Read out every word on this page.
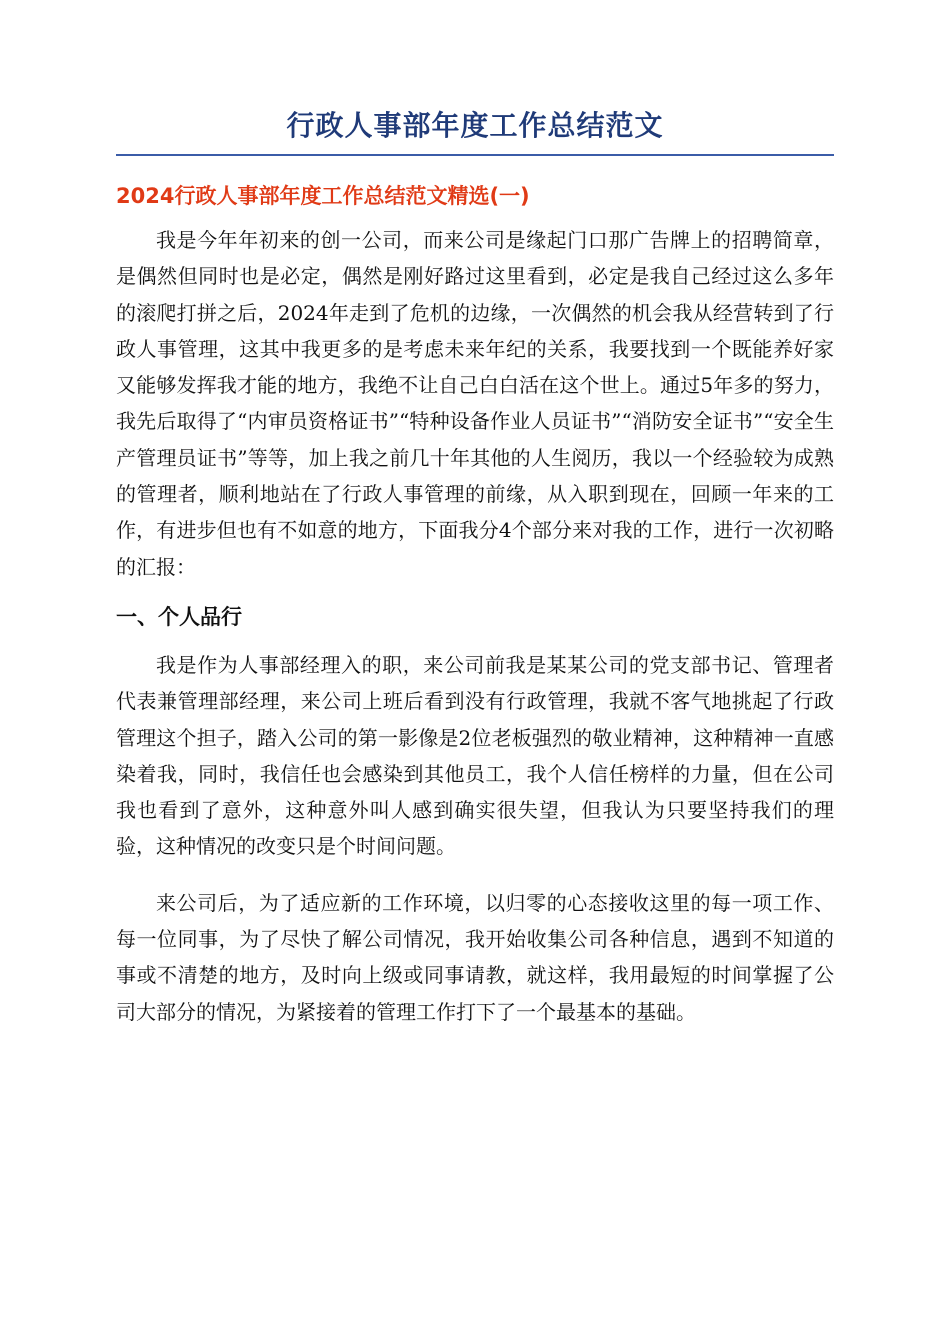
行政人事部年度工作总结范文
2024行政人事部年度工作总结范文精选(一)

我是今年年初来的创一公司，而来公司是缘起门口那广告牌上的招聘简章，是偶然但同时也是必定，偶然是刚好路过这里看到，必定是我自己经过这么多年的滚爬打拼之后，2024年走到了危机的边缘，一次偶然的机会我从经营转到了行政人事管理，这其中我更多的是考虑未来年纪的关系，我要找到一个既能养好家又能够发挥我才能的地方，我绝不让自己白白活在这个世上。通过5年多的努力，我先后取得了“内审员资格证书”“特种设备作业人员证书”“消防安全证书”“安全生产管理员证书”等等，加上我之前几十年其他的人生阅历，我以一个经验较为成熟的管理者，顺利地站在了行政人事管理的前缘，从入职到现在，回顾一年来的工作，有进步但也有不如意的地方，下面我分4个部分来对我的工作，进行一次初略的汇报：

一、个人品行

我是作为人事部经理入的职，来公司前我是某某公司的党支部书记、管理者代表兼管理部经理，来公司上班后看到没有行政管理，我就不客气地挑起了行政管理这个担子，踏入公司的第一影像是2位老板强烈的敬业精神，这种精神一直感染着我，同时，我信任也会感染到其他员工，我个人信任榜样的力量，但在公司我也看到了意外，这种意外叫人感到确实很失望，但我认为只要坚持我们的理验，这种情况的改变只是个时间问题。

来公司后，为了适应新的工作环境，以归零的心态接收这里的每一项工作、每一位同事，为了尽快了解公司情况，我开始收集公司各种信息，遇到不知道的事或不清楚的地方，及时向上级或同事请教，就这样，我用最短的时间掌握了公司大部分的情况，为紧接着的管理工作打下了一个最基本的基础。
